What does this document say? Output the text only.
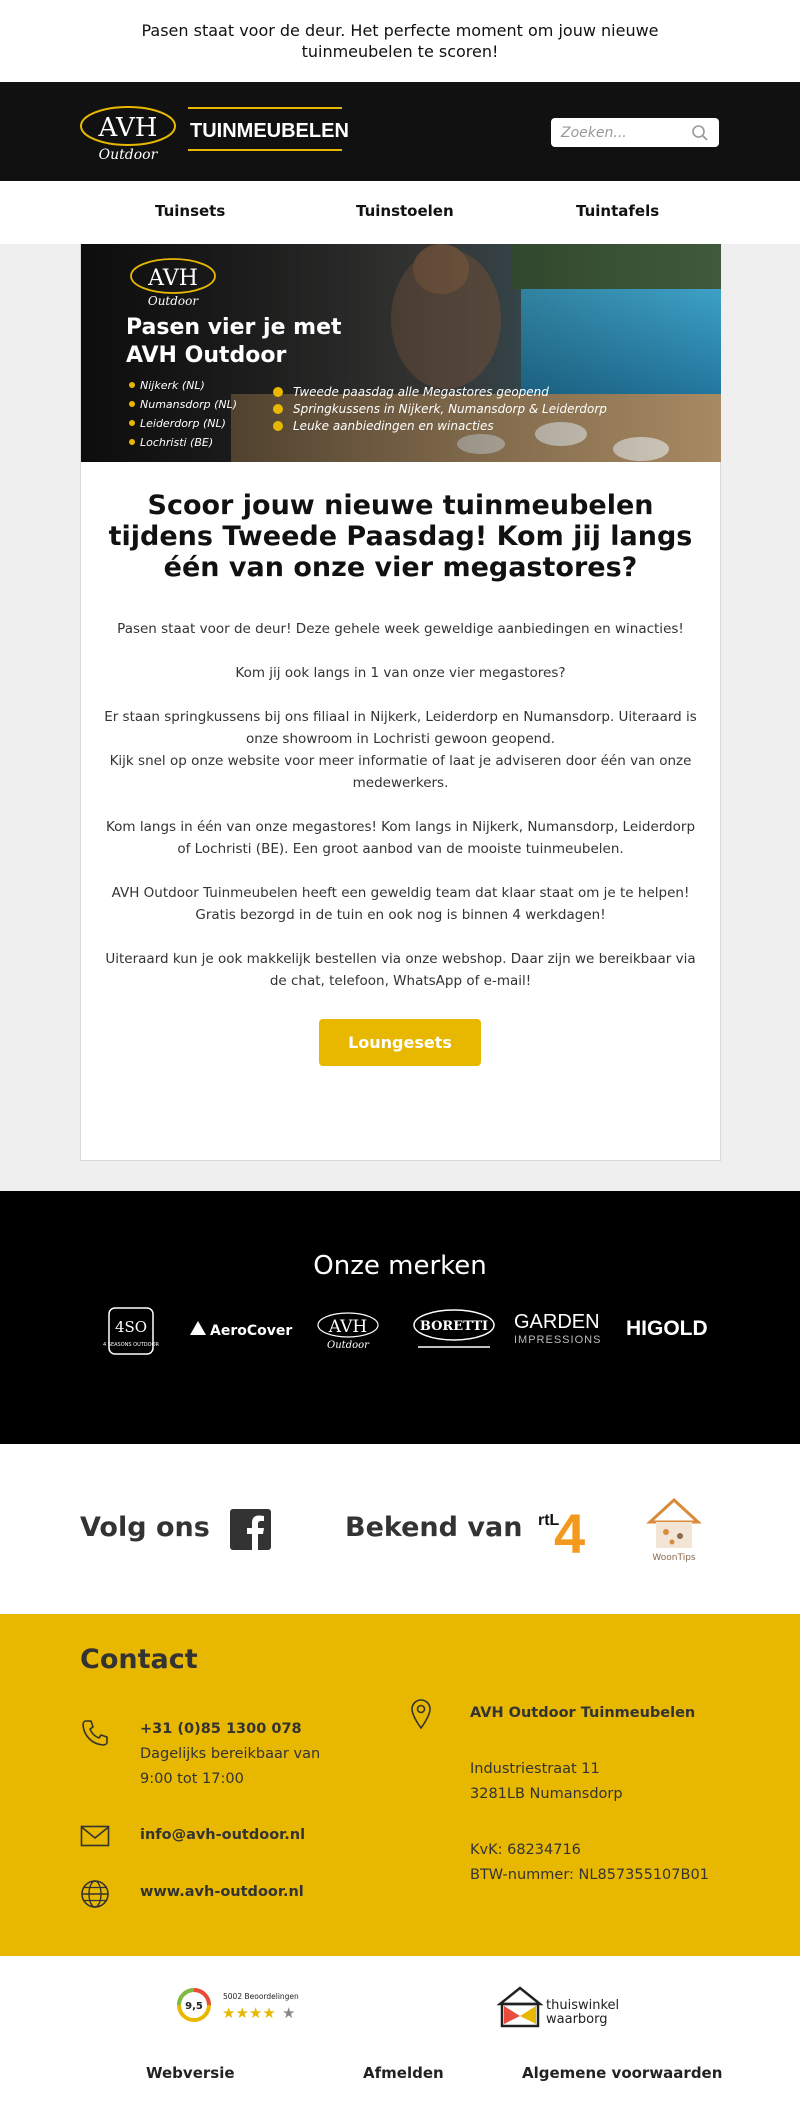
Pasen staat voor de deur. Het perfecte moment om jouw nieuwe tuinmeubelen te scoren!
AVH
Outdoor
TUINMEUBELEN	Zoeken...
Tuinsets	Tuinstoelen	Tuintafels
AVH
Outdoor
Pasen vier je met
AVH Outdoor
Nijkerk (NL)
Numansdorp (NL)
Leiderdorp (NL)
Lochristi (BE)
Tweede paasdag alle Megastores geopend
Springkussens in Nijkerk, Numansdorp & Leiderdorp
Leuke aanbiedingen en winacties
Scoor jouw nieuwe tuinmeubelen tijdens Tweede Paasdag! Kom jij langs één van onze vier megastores?

Pasen staat voor de deur! Deze gehele week geweldige aanbiedingen en winacties!

Kom jij ook langs in 1 van onze vier megastores?

Er staan springkussens bij ons filiaal in Nijkerk, Leiderdorp en Numansdorp. Uiteraard is onze showroom in Lochristi gewoon geopend.
Kijk snel op onze website voor meer informatie of laat je adviseren door één van onze medewerkers.

Kom langs in één van onze megastores! Kom langs in Nijkerk, Numansdorp, Leiderdorp of Lochristi (BE). Een groot aanbod van de mooiste tuinmeubelen.

AVH Outdoor Tuinmeubelen heeft een geweldig team dat klaar staat om je te helpen!
Gratis bezorgd in de tuin en ook nog is binnen 4 werkdagen!

Uiteraard kun je ook makkelijk bestellen via onze webshop. Daar zijn we bereikbaar via de chat, telefoon, WhatsApp of e-mail!

Loungesets
Onze merken
4SO
4 SEASONS OUTDOOR
AeroCover AVH
Outdoor
BORETTI GARDEN
IMPRESSIONS HIGOLD
Volg ons	Bekend van rtL
4	WoonTips
Contact
+31 (0)85 1300 078
Dagelijks bereikbaar van
9:00 tot 17:00
info@avh-outdoor.nl
www.avh-outdoor.nl
AVH Outdoor Tuinmeubelen
Industriestraat 11
3281LB Numansdorp
KvK: 68234716
BTW-nummer: NL857355107B01
9,5
5002 Beoordelingen
★★★★ ★	thuiswinkel
waarborg
Webversie	Afmelden	Algemene voorwaarden
